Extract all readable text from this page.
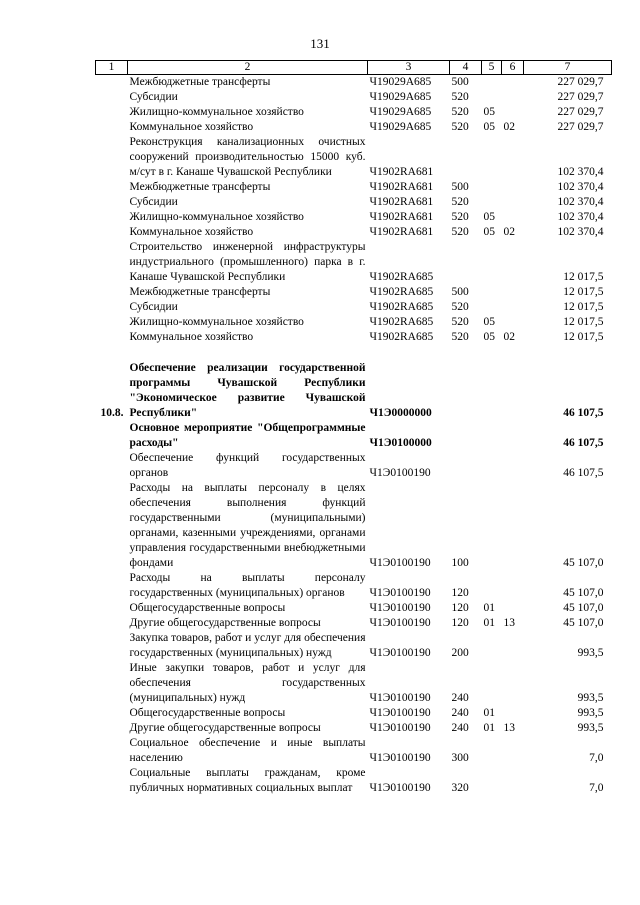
131
1	2	3	4	5	6	7
	Межбюджетные трансферты	Ч19029A685	500			227 029,7
	Субсидии	Ч19029A685	520			227 029,7
	Жилищно-коммунальное хозяйство	Ч19029A685	520	05		227 029,7
	Коммунальное хозяйство	Ч19029A685	520	05	02	227 029,7
	Реконструкция канализационных очистных сооружений производительностью 15000 куб. м/сут в г. Канаше Чувашской Республики	Ч1902RA681				102 370,4
	Межбюджетные трансферты	Ч1902RA681	500			102 370,4
	Субсидии	Ч1902RA681	520			102 370,4
	Жилищно-коммунальное хозяйство	Ч1902RA681	520	05		102 370,4
	Коммунальное хозяйство	Ч1902RA681	520	05	02	102 370,4
	Строительство инженерной инфраструктуры индустриального (промышленного) парка в г. Канаше Чувашской Республики	Ч1902RA685				12 017,5
	Межбюджетные трансферты	Ч1902RA685	500			12 017,5
	Субсидии	Ч1902RA685	520			12 017,5
	Жилищно-коммунальное хозяйство	Ч1902RA685	520	05		12 017,5
	Коммунальное хозяйство	Ч1902RA685	520	05	02	12 017,5

10.8.	Обеспечение реализации государственной программы Чувашской Республики "Экономическое развитие Чувашской Республики"	Ч1Э0000000				46 107,5
	Основное мероприятие "Общепрограммные расходы"	Ч1Э0100000				46 107,5
	Обеспечение функций государственных органов	Ч1Э0100190				46 107,5
	Расходы на выплаты персоналу в целях обеспечения выполнения функций государственными (муниципальными) органами, казенными учреждениями, органами управления государственными внебюджетными фондами	Ч1Э0100190	100			45 107,0
	Расходы на выплаты персоналу государственных (муниципальных) органов	Ч1Э0100190	120			45 107,0
	Общегосударственные вопросы	Ч1Э0100190	120	01		45 107,0
	Другие общегосударственные вопросы	Ч1Э0100190	120	01	13	45 107,0
	Закупка товаров, работ и услуг для обеспечения государственных (муниципальных) нужд	Ч1Э0100190	200			993,5
	Иные закупки товаров, работ и услуг для обеспечения государственных (муниципальных) нужд	Ч1Э0100190	240			993,5
	Общегосударственные вопросы	Ч1Э0100190	240	01		993,5
	Другие общегосударственные вопросы	Ч1Э0100190	240	01	13	993,5
	Социальное обеспечение и иные выплаты населению	Ч1Э0100190	300			7,0
	Социальные выплаты гражданам, кроме публичных нормативных социальных выплат	Ч1Э0100190	320			7,0
